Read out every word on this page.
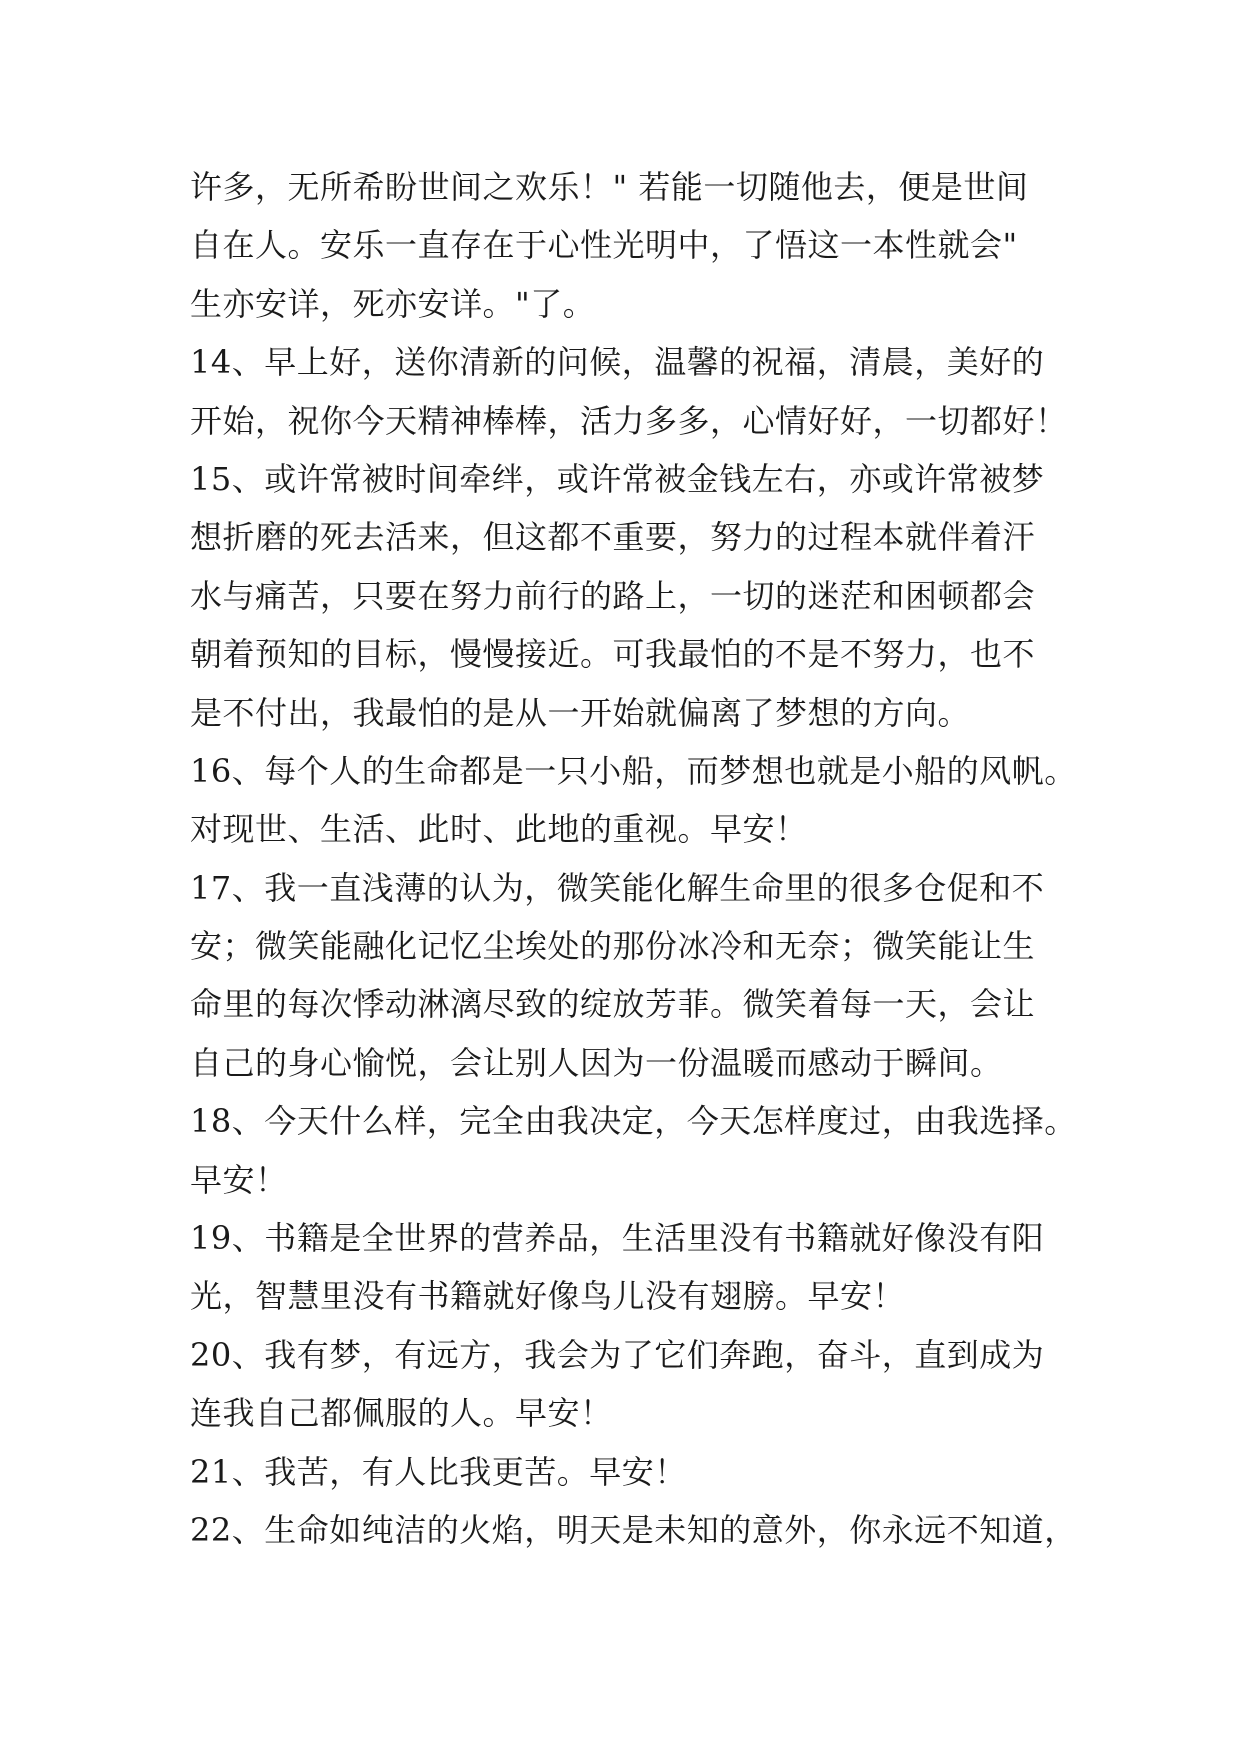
许多，无所希盼世间之欢乐！" 若能一切随他去，便是世间
自在人。安乐一直存在于心性光明中，了悟这一本性就会"
生亦安详，死亦安详。"了。
14、早上好，送你清新的问候，温馨的祝福，清晨，美好的
开始，祝你今天精神棒棒，活力多多，心情好好，一切都好！
15、或许常被时间牵绊，或许常被金钱左右，亦或许常被梦
想折磨的死去活来，但这都不重要，努力的过程本就伴着汗
水与痛苦，只要在努力前行的路上，一切的迷茫和困顿都会
朝着预知的目标，慢慢接近。可我最怕的不是不努力，也不
是不付出，我最怕的是从一开始就偏离了梦想的方向。
16、每个人的生命都是一只小船，而梦想也就是小船的风帆。
对现世、生活、此时、此地的重视。早安！
17、我一直浅薄的认为，微笑能化解生命里的很多仓促和不
安；微笑能融化记忆尘埃处的那份冰冷和无奈；微笑能让生
命里的每次悸动淋漓尽致的绽放芳菲。微笑着每一天，会让
自己的身心愉悦，会让别人因为一份温暖而感动于瞬间。
18、今天什么样，完全由我决定，今天怎样度过，由我选择。
早安！
19、书籍是全世界的营养品，生活里没有书籍就好像没有阳
光，智慧里没有书籍就好像鸟儿没有翅膀。早安！
20、我有梦，有远方，我会为了它们奔跑，奋斗，直到成为
连我自己都佩服的人。早安！
21、我苦，有人比我更苦。早安！
22、生命如纯洁的火焰，明天是未知的意外，你永远不知道，
